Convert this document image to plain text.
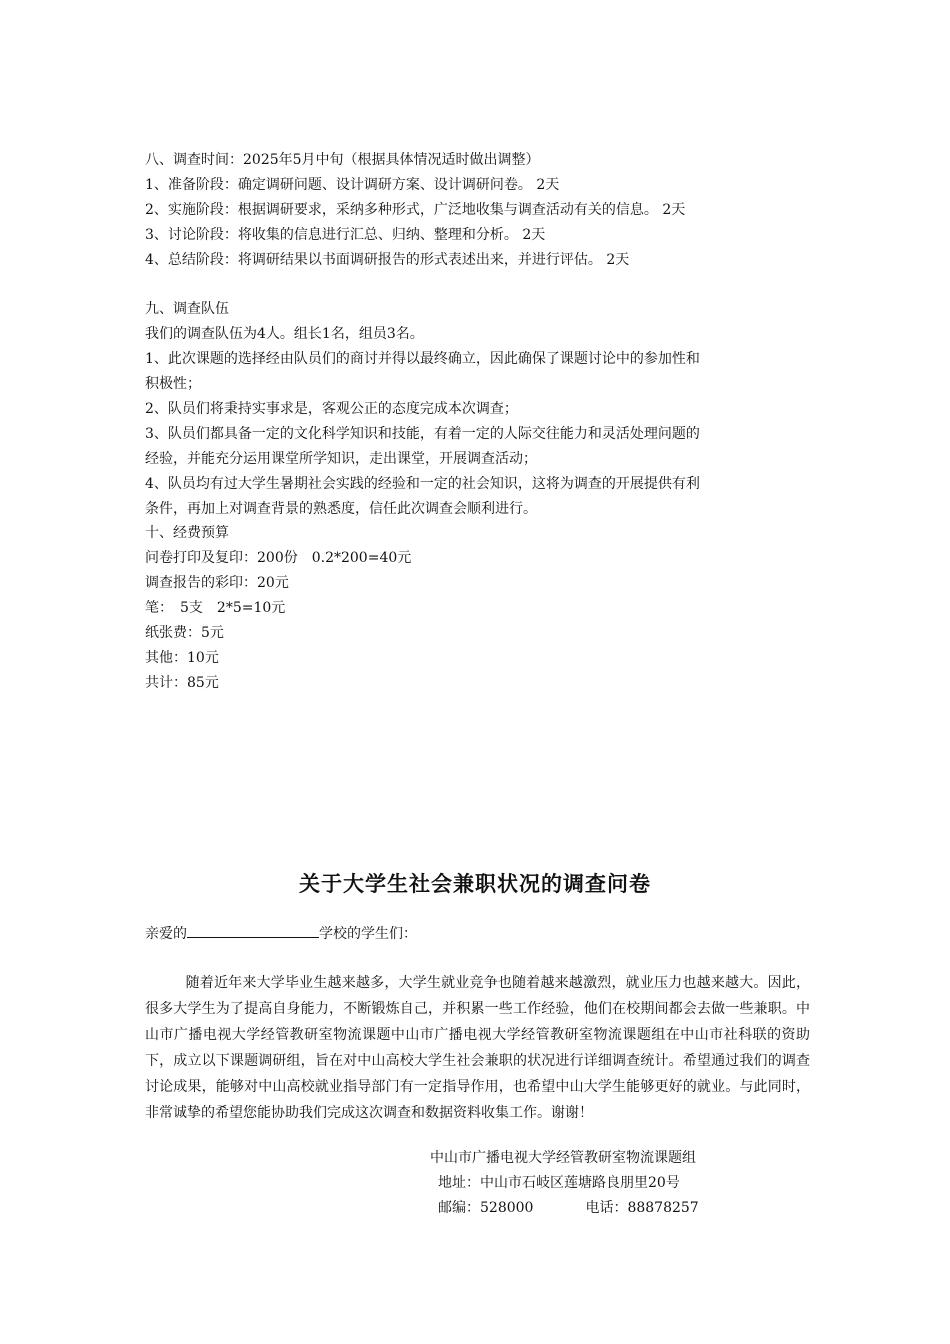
八、调查时间：2025年5月中旬（根据具体情况适时做出调整）
1、准备阶段：确定调研问题、设计调研方案、设计调研问卷。 2天
2、实施阶段：根据调研要求，采纳多种形式，广泛地收集与调查活动有关的信息。 2天
3、讨论阶段：将收集的信息进行汇总、归纳、整理和分析。 2天
4、总结阶段：将调研结果以书面调研报告的形式表述出来，并进行评估。 2天
九、调查队伍
我们的调查队伍为4人。组长1名，组员3名。
1、此次课题的选择经由队员们的商讨并得以最终确立，因此确保了课题讨论中的参加性和
积极性；
2、队员们将秉持实事求是，客观公正的态度完成本次调查；
3、队员们都具备一定的文化科学知识和技能，有着一定的人际交往能力和灵活处理问题的
经验，并能充分运用课堂所学知识，走出课堂，开展调查活动；
4、队员均有过大学生暑期社会实践的经验和一定的社会知识，这将为调查的开展提供有利
条件，再加上对调查背景的熟悉度，信任此次调查会顺利进行。
十、经费预算
问卷打印及复印：200份　0.2*200=40元
调查报告的彩印：20元
笔：　5支　2*5=10元
纸张费：5元
其他：10元
共计：85元
关于大学生社会兼职状况的调查问卷
亲爱的	学校的学生们：
随着近年来大学毕业生越来越多，大学生就业竞争也随着越来越激烈，就业压力也越来越大。因此，很多大学生为了提高自身能力，不断锻炼自己，并积累一些工作经验，他们在校期间都会去做一些兼职。中山市广播电视大学经管教研室物流课题中山市广播电视大学经管教研室物流课题组在中山市社科联的资助下，成立以下课题调研组，旨在对中山高校大学生社会兼职的状况进行详细调查统计。希望通过我们的调查讨论成果，能够对中山高校就业指导部门有一定指导作用，也希望中山大学生能够更好的就业。与此同时，非常诚挚的希望您能协助我们完成这次调查和数据资料收集工作。谢谢！
中山市广播电视大学经管教研室物流课题组
地址：中山市石岐区莲塘路良朋里20号
邮编：528000	电话：88878257
